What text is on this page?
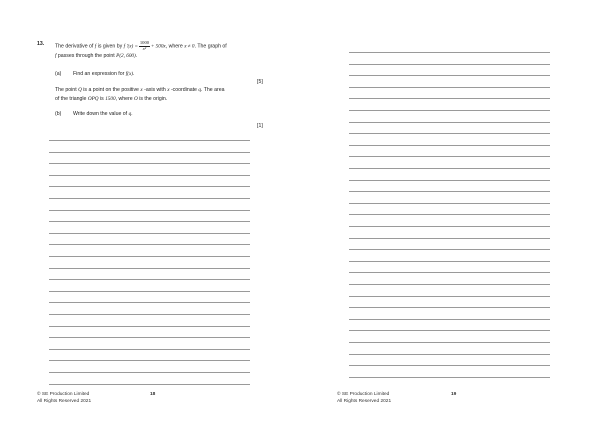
13. The derivative of f is given by f '$(x) = \frac{1000}{\text{x²}} + 500x$, where x ≠ 0. The graph of
f passes through the point P(2, 600).
(a) Find an expression for f(x).
[5]
The point Q is a point on the positive x -axis with x -coordinate q. The area
of the triangle OPQ is 1500, where O is the origin.
(b) Write down the value of q.
[1]
© SE Production Limited
All Rights Reserved 2021
18	© SE Production Limited
All Rights Reserved 2021
19
